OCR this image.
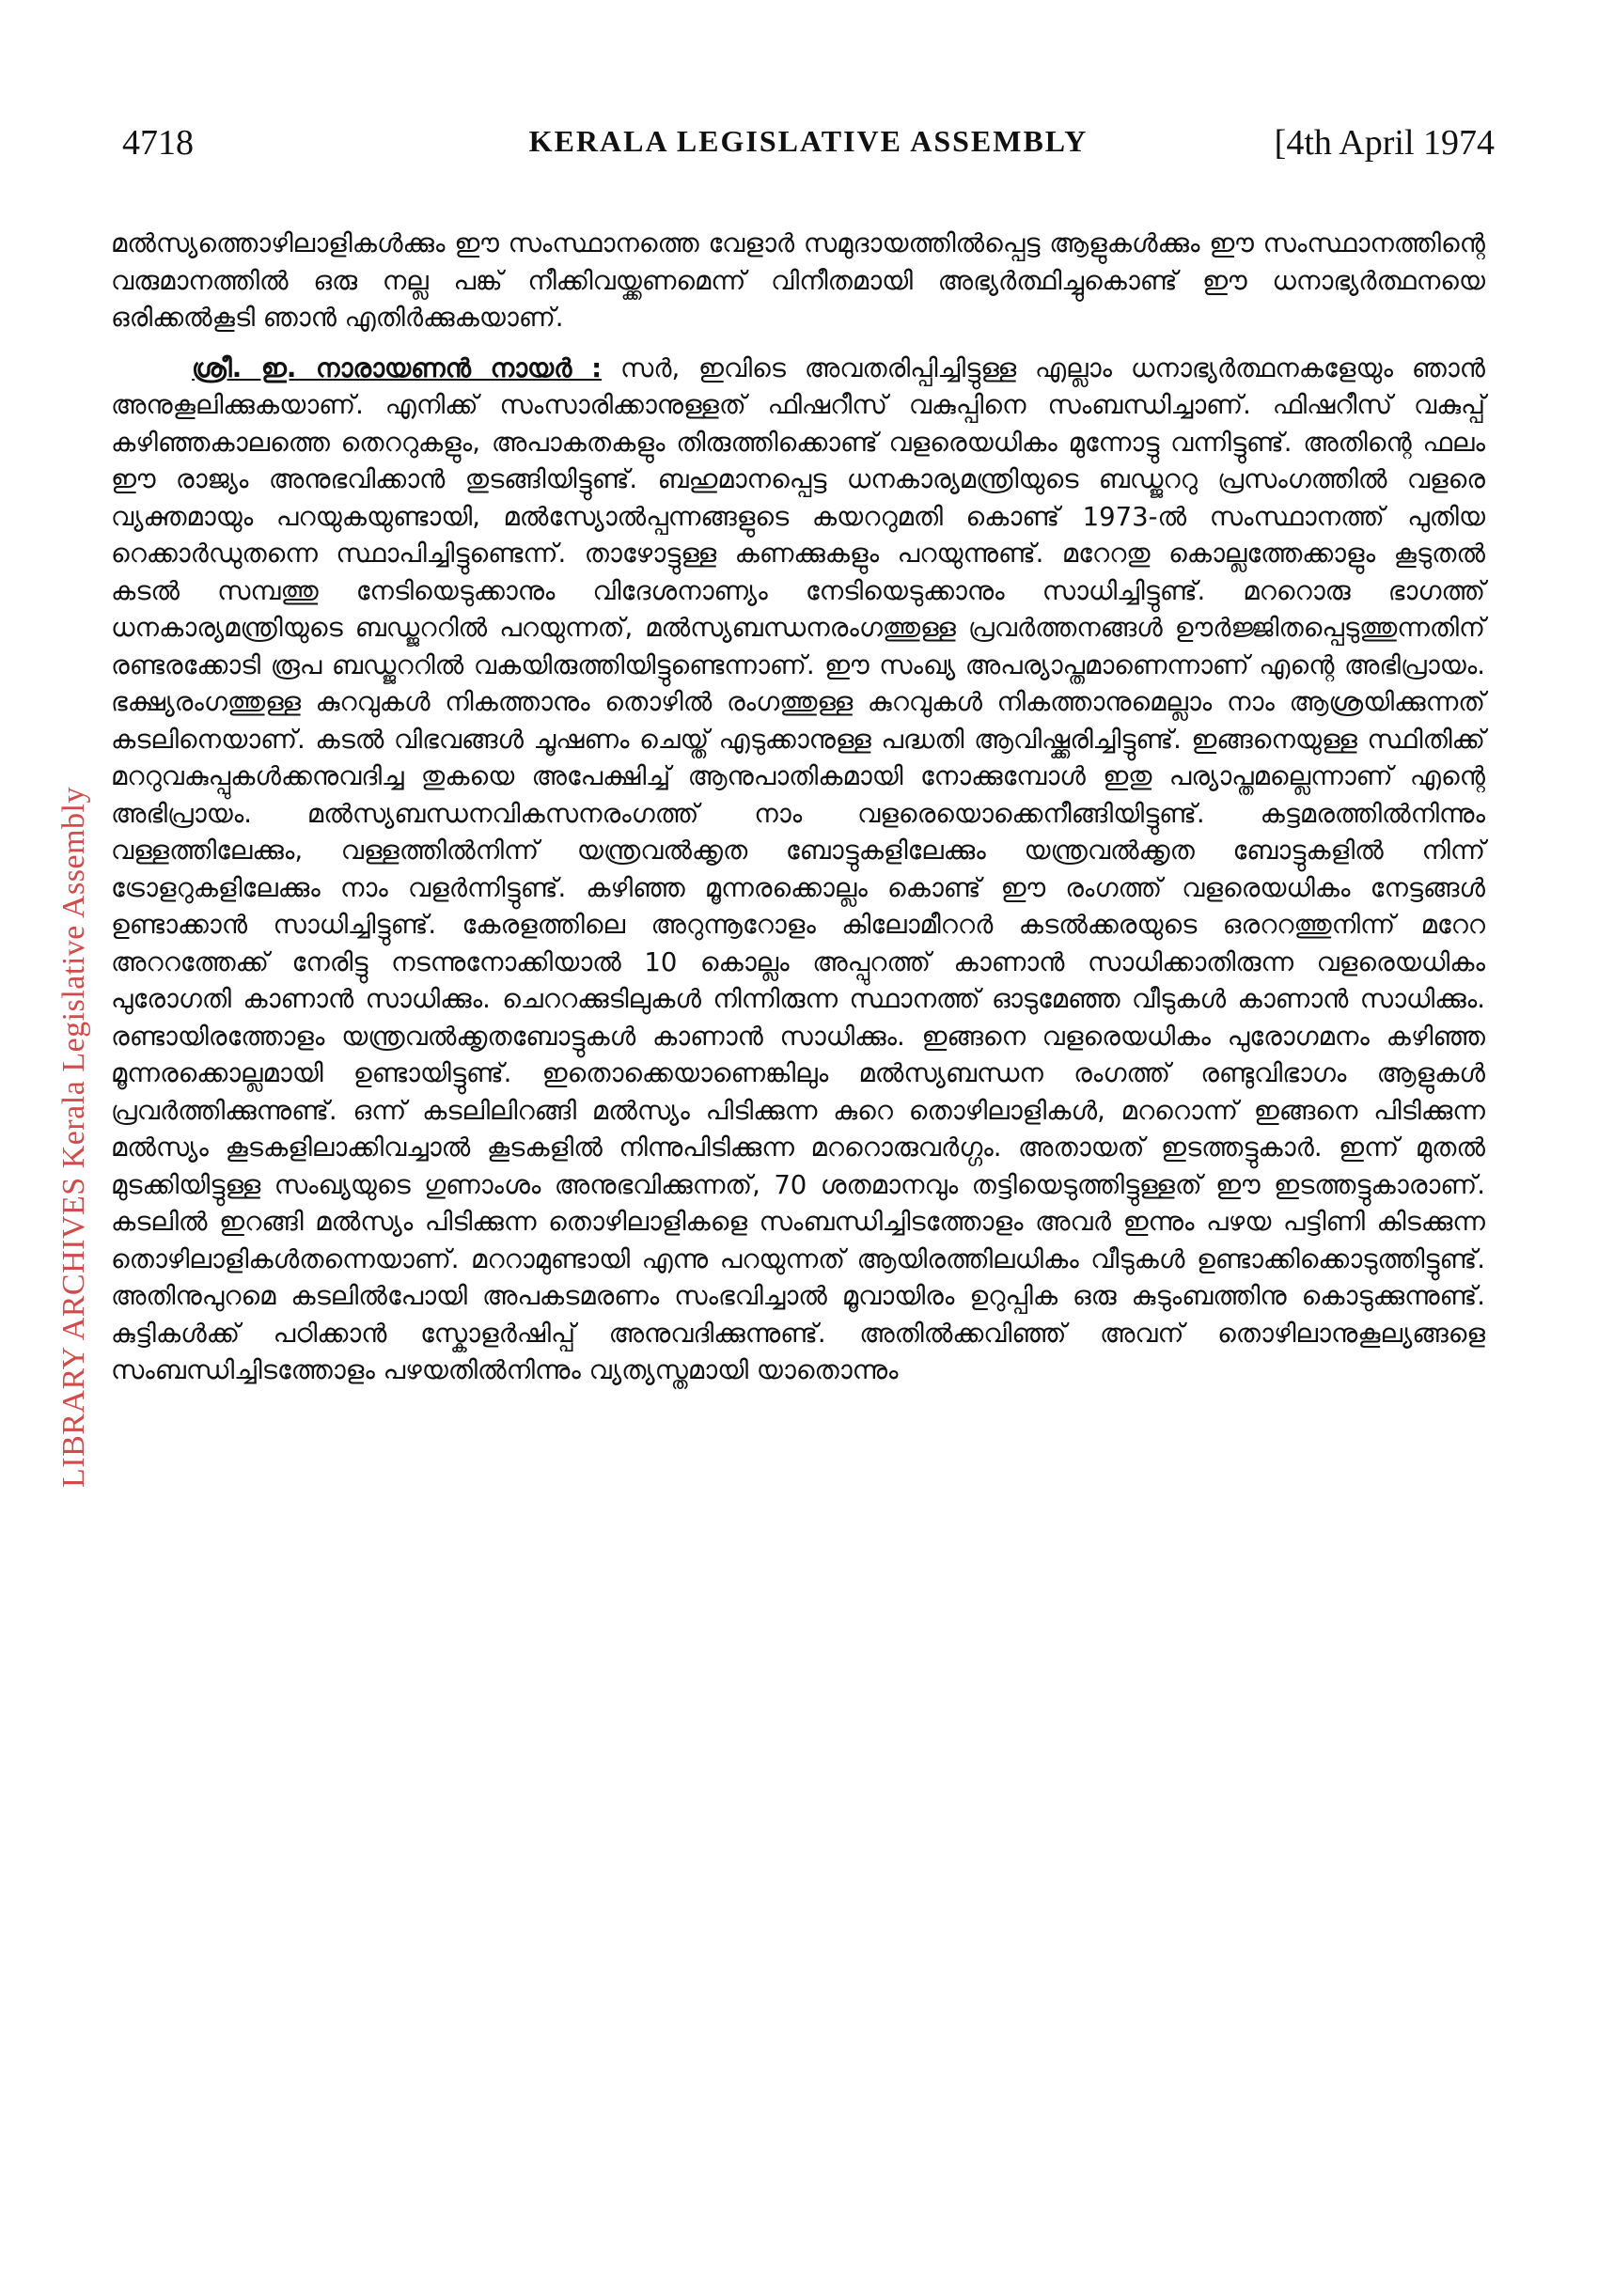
4718	KERALA LEGISLATIVE ASSEMBLY	[4th April 1974
LIBRARY ARCHIVES Kerala Legislative Assembly

മൽസ്യത്തൊഴിലാളികൾക്കും ഈ സംസ്ഥാനത്തെ വേളാർ സമുദായത്തിൽപ്പെട്ട ആളുകൾക്കും ഈ സംസ്ഥാനത്തിന്റെ വരുമാനത്തിൽ ഒരു നല്ല പങ്ക് നീക്കിവയ്ക്കണമെന്ന് വിനീതമായി അഭ്യർത്ഥിച്ചുകൊണ്ട് ഈ ധനാഭ്യർത്ഥനയെ ഒരിക്കൽകൂടി ഞാൻ എതിർക്കുകയാണ്.

ശ്രീ. ഇ. നാരായണൻ നായർ : സർ, ഇവിടെ അവതരിപ്പിച്ചിട്ടുള്ള എല്ലാം ധനാഭ്യർത്ഥനകളേയും ഞാൻ അനുകൂലിക്കുകയാണ്. എനിക്ക് സംസാരിക്കാനുള്ളത് ഫിഷറീസ് വകുപ്പിനെ സംബന്ധിച്ചാണ്. ഫിഷറീസ് വകുപ്പ് കഴിഞ്ഞകാലത്തെ തെററുകളും, അപാകതകളും തിരുത്തിക്കൊണ്ട് വളരെയധികം മുന്നോട്ടു വന്നിട്ടുണ്ട്. അതിന്റെ ഫലം ഈ രാജ്യം അനുഭവിക്കാൻ തുടങ്ങിയിട്ടുണ്ട്. ബഹുമാനപ്പെട്ട ധനകാര്യമന്ത്രിയുടെ ബഡ്ജററു പ്രസംഗത്തിൽ വളരെ വ്യക്തമായും പറയുകയുണ്ടായി, മൽസ്യോൽപ്പന്നങ്ങളുടെ കയററുമതി കൊണ്ട് 1973-ൽ സംസ്ഥാനത്ത് പുതിയ റെക്കാർഡുതന്നെ സ്ഥാപിച്ചിട്ടുണ്ടെന്ന്. താഴോട്ടുള്ള കണക്കുകളും പറയുന്നുണ്ട്. മറേറതു കൊല്ലത്തേക്കാളും കൂടുതൽ കടൽ സമ്പത്തു നേടിയെടുക്കാനും വിദേശനാണ്യം നേടിയെടുക്കാനും സാധിച്ചിട്ടുണ്ട്. മററൊരു ഭാഗത്ത് ധനകാര്യമന്ത്രിയുടെ ബഡ്ജററിൽ പറയുന്നത്, മൽസ്യബന്ധനരംഗത്തുള്ള പ്രവർത്തനങ്ങൾ ഊർജ്ജിതപ്പെടുത്തുന്നതിന് രണ്ടരക്കോടി രൂപ ബഡ്ജററിൽ വകയിരുത്തിയിട്ടുണ്ടെന്നാണ്. ഈ സംഖ്യ അപര്യാപ്തമാണെന്നാണ് എന്റെ അഭിപ്രായം. ഭക്ഷ്യരംഗത്തുള്ള കുറവുകൾ നികത്താനും തൊഴിൽ രംഗത്തുള്ള കുറവുകൾ നികത്താനുമെല്ലാം നാം ആശ്രയിക്കുന്നത് കടലിനെയാണ്. കടൽ വിഭവങ്ങൾ ചൂഷണം ചെയ്ത് എടുക്കാനുള്ള പദ്ധതി ആവിഷ്ക്കരിച്ചിട്ടുണ്ട്. ഇങ്ങനെയുള്ള സ്ഥിതിക്ക് മററുവകുപ്പുകൾക്കനുവദിച്ച തുകയെ അപേക്ഷിച്ച് ആനുപാതികമായി നോക്കുമ്പോൾ ഇതു പര്യാപ്തമല്ലെന്നാണ് എന്റെ അഭിപ്രായം. മൽസ്യബന്ധനവികസനരംഗത്ത് നാം വളരെയൊക്കെനീങ്ങിയിട്ടുണ്ട്. കട്ടമരത്തിൽനിന്നും വള്ളത്തിലേക്കും, വള്ളത്തിൽനിന്ന് യന്ത്രവൽക്കൃത ബോട്ടുകളിലേക്കും യന്ത്രവൽക്കൃത ബോട്ടുകളിൽ നിന്ന് ട്രോളറുകളിലേക്കും നാം വളർന്നിട്ടുണ്ട്. കഴിഞ്ഞ മൂന്നരക്കൊല്ലം കൊണ്ട് ഈ രംഗത്ത് വളരെയധികം നേട്ടങ്ങൾ ഉണ്ടാക്കാൻ സാധിച്ചിട്ടുണ്ട്. കേരളത്തിലെ അറുന്നൂറോളം കിലോമീററർ കടൽക്കരയുടെ ഒരററത്തുനിന്ന് മറേറ അററത്തേക്ക് നേരിട്ടു നടന്നുനോക്കിയാൽ 10 കൊല്ലം അപ്പുറത്ത് കാണാൻ സാധിക്കാതിരുന്ന വളരെയധികം പുരോഗതി കാണാൻ സാധിക്കും. ചെററക്കുടിലുകൾ നിന്നിരുന്ന സ്ഥാനത്ത് ഓടുമേഞ്ഞ വീടുകൾ കാണാൻ സാധിക്കും. രണ്ടായിരത്തോളം യന്ത്രവൽക്കൃതബോട്ടുകൾ കാണാൻ സാധിക്കും. ഇങ്ങനെ വളരെയധികം പുരോഗമനം കഴിഞ്ഞ മൂന്നരക്കൊല്ലമായി ഉണ്ടായിട്ടുണ്ട്. ഇതൊക്കെയാണെങ്കിലും മൽസ്യബന്ധന രംഗത്ത് രണ്ടുവിഭാഗം ആളുകൾ പ്രവർത്തിക്കുന്നുണ്ട്. ഒന്ന് കടലിലിറങ്ങി മൽസ്യം പിടിക്കുന്ന കുറെ തൊഴിലാളികൾ, മററൊന്ന് ഇങ്ങനെ പിടിക്കുന്ന മൽസ്യം കൂടകളിലാക്കിവച്ചാൽ കൂടകളിൽ നിന്നുപിടിക്കുന്ന മററൊരുവർഗ്ഗം. അതായത് ഇടത്തട്ടുകാർ. ഇന്ന് മുതൽ മുടക്കിയിട്ടുള്ള സംഖ്യയുടെ ഗുണാംശം അനുഭവിക്കുന്നത്, 70 ശതമാനവും തട്ടിയെടുത്തിട്ടുള്ളത് ഈ ഇടത്തട്ടുകാരാണ്. കടലിൽ ഇറങ്ങി മൽസ്യം പിടിക്കുന്ന തൊഴിലാളികളെ സംബന്ധിച്ചിടത്തോളം അവർ ഇന്നും പഴയ പട്ടിണി കിടക്കുന്ന തൊഴിലാളികൾതന്നെയാണ്. മററാമുണ്ടായി എന്നു പറയുന്നത് ആയിരത്തിലധികം വീടുകൾ ഉണ്ടാക്കിക്കൊടുത്തിട്ടുണ്ട്. അതിനുപുറമെ കടലിൽപോയി അപകടമരണം സംഭവിച്ചാൽ മൂവായിരം ഉറുപ്പിക ഒരു കുടുംബത്തിനു കൊടുക്കുന്നുണ്ട്. കുട്ടികൾക്ക് പഠിക്കാൻ സ്കോളർഷിപ്പ് അനുവദിക്കുന്നുണ്ട്. അതിൽക്കവിഞ്ഞ് അവന് തൊഴിലാനുകൂല്യങ്ങളെ സംബന്ധിച്ചിടത്തോളം പഴയതിൽനിന്നും വ്യത്യസ്തമായി യാതൊന്നും
